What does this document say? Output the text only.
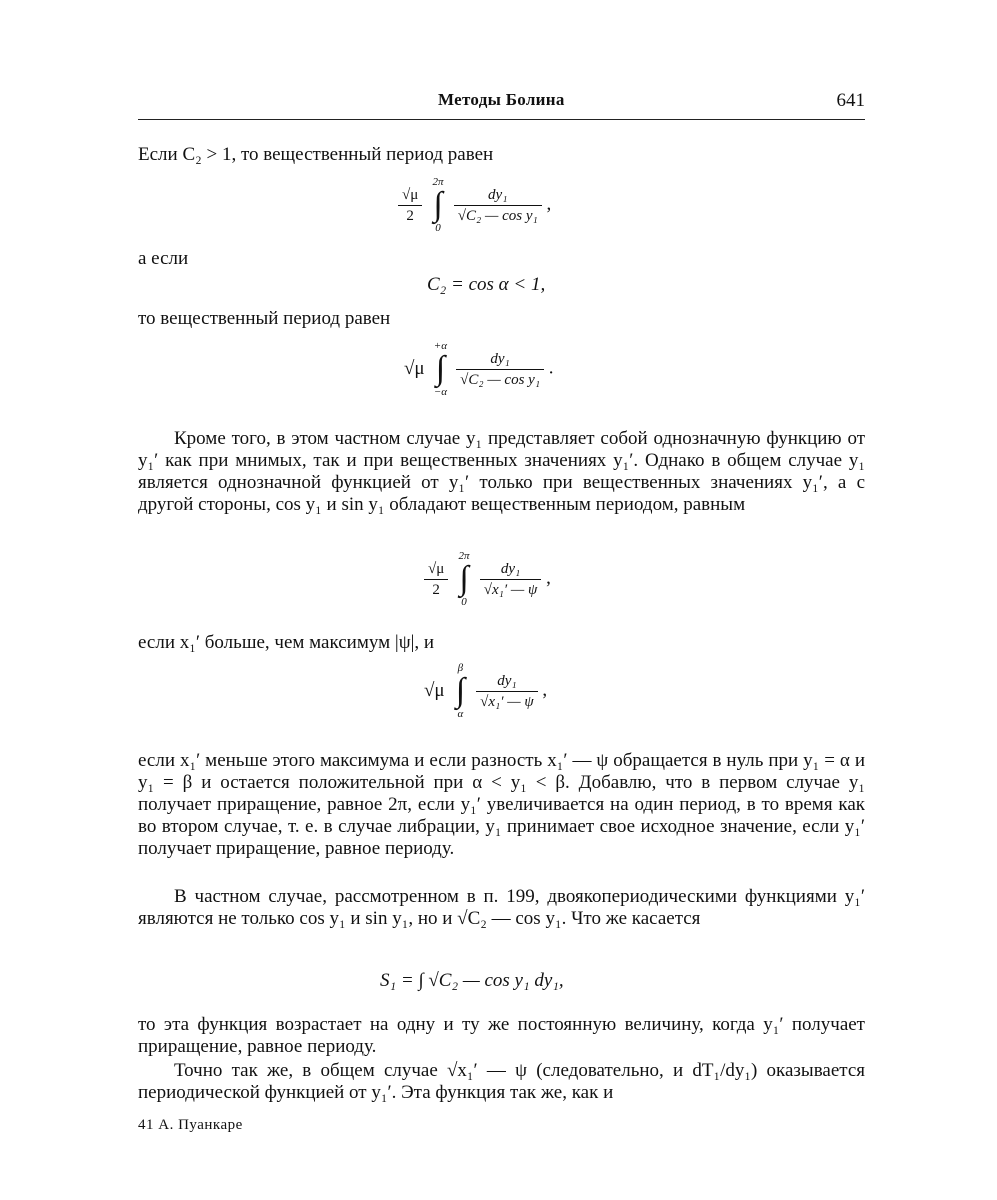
Методы Болина	641
Если C₂ > 1, то вещественный период равен
$\frac{√\mu}{2}$

2π
∫
0

$\frac{\text{dy₁}}{\text{√C₂ — cos y₁}}$ ,
а если
C₂ = cos α < 1,
то вещественный период равен
√μ
+α
∫
−α

$\frac{\text{dy₁}}{\text{√C₂ — cos y₁}}$ .
Кроме того, в этом частном случае y₁ представляет собой однозначную функцию от y₁′ как при мнимых, так и при вещественных значениях y₁′. Однако в общем случае y₁ является однозначной функцией от y₁′ только при вещественных значениях y₁′, а с другой стороны, cos y₁ и sin y₁ обладают вещественным периодом, равным
$\frac{√\mu}{2}$

2π
∫
0

$\frac{\text{dy₁}}{\text{√x₁′ — ψ}}$ ,
если x₁′ больше, чем максимум |ψ|, и
√μ
β
∫
α

$\frac{\text{dy₁}}{\text{√x₁′ — ψ}}$ ,
если x₁′ меньше этого максимума и если разность x₁′ — ψ обращается в нуль при y₁ = α и y₁ = β и остается положительной при α < y₁ < β. Добавлю, что в первом случае y₁ получает приращение, равное 2π, если y₁′ увеличивается на один период, в то время как во втором случае, т. е. в случае либрации, y₁ принимает свое исходное значение, если y₁′ получает приращение, равное периоду.
В частном случае, рассмотренном в п. 199, двоякопериодическими функциями y₁′ являются не только cos y₁ и sin y₁, но и √C₂ — cos y₁. Что же касается
S₁ = ∫ √C₂ — cos y₁ dy₁,
то эта функция возрастает на одну и ту же постоянную величину, когда y₁′ получает приращение, равное периоду.
Точно так же, в общем случае √x₁′ — ψ (следовательно, и dT₁/dy₁) оказывается периодической функцией от y₁′. Эта функция так же, как и
41 А. Пуанкаре
